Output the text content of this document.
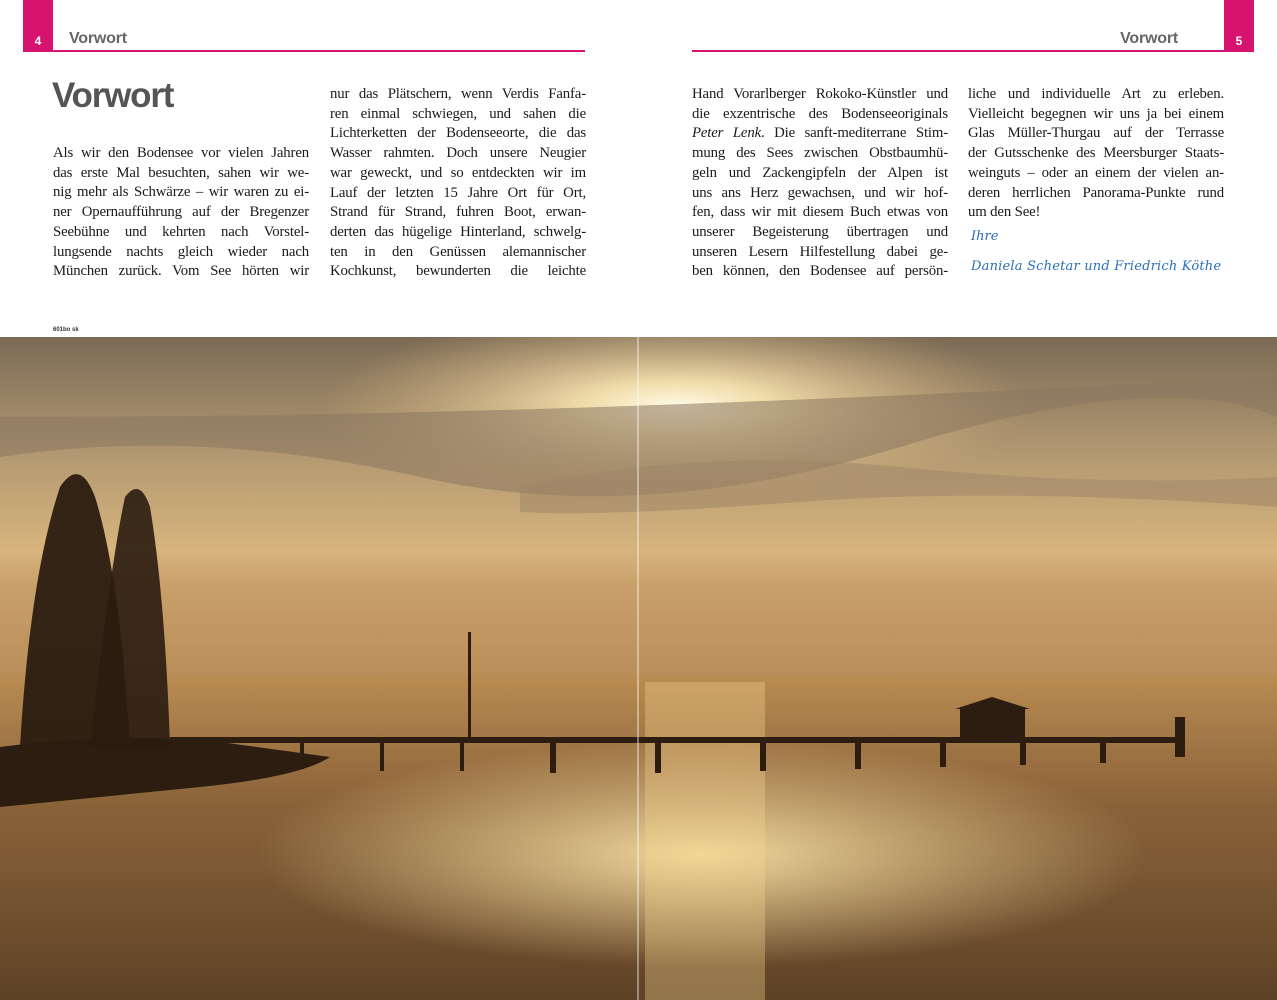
4	Vorwort	5
Vorwort
Vorwort
Als wir den Bodensee vor vielen Jahren
das erste Mal besuchten, sahen wir we-
nig mehr als Schwärze – wir waren zu ei-
ner Opernaufführung auf der Bregenzer
Seebühne und kehrten nach Vorstel-
lungsende nachts gleich wieder nach
München zurück. Vom See hörten wir
nur das Plätschern, wenn Verdis Fanfa-
ren einmal schwiegen, und sahen die
Lichterketten der Bodenseeorte, die das
Wasser rahmten. Doch unsere Neugier
war geweckt, und so entdeckten wir im
Lauf der letzten 15 Jahre Ort für Ort,
Strand für Strand, fuhren Boot, erwan-
derten das hügelige Hinterland, schwelg-
ten in den Genüssen alemannischer
Kochkunst, bewunderten die leichte
Hand Vorarlberger Rokoko-Künstler und
die exzentrische des Bodenseeoriginals
Peter Lenk. Die sanft-mediterrane Stim-
mung des Sees zwischen Obstbaumhü-
geln und Zackengipfeln der Alpen ist
uns ans Herz gewachsen, und wir hof-
fen, dass wir mit diesem Buch etwas von
unserer Begeisterung übertragen und
unseren Lesern Hilfestellung dabei ge-
ben können, den Bodensee auf persön-
liche und individuelle Art zu erleben.
Vielleicht begegnen wir uns ja bei einem
Glas Müller-Thurgau auf der Terrasse
der Gutsschenke des Meersburger Staats-
weinguts – oder an einem der vielen an-
deren herrlichen Panorama-Punkte rund
um den See!
Ihre
Daniela Schetar und Friedrich Köthe
601bo sk
